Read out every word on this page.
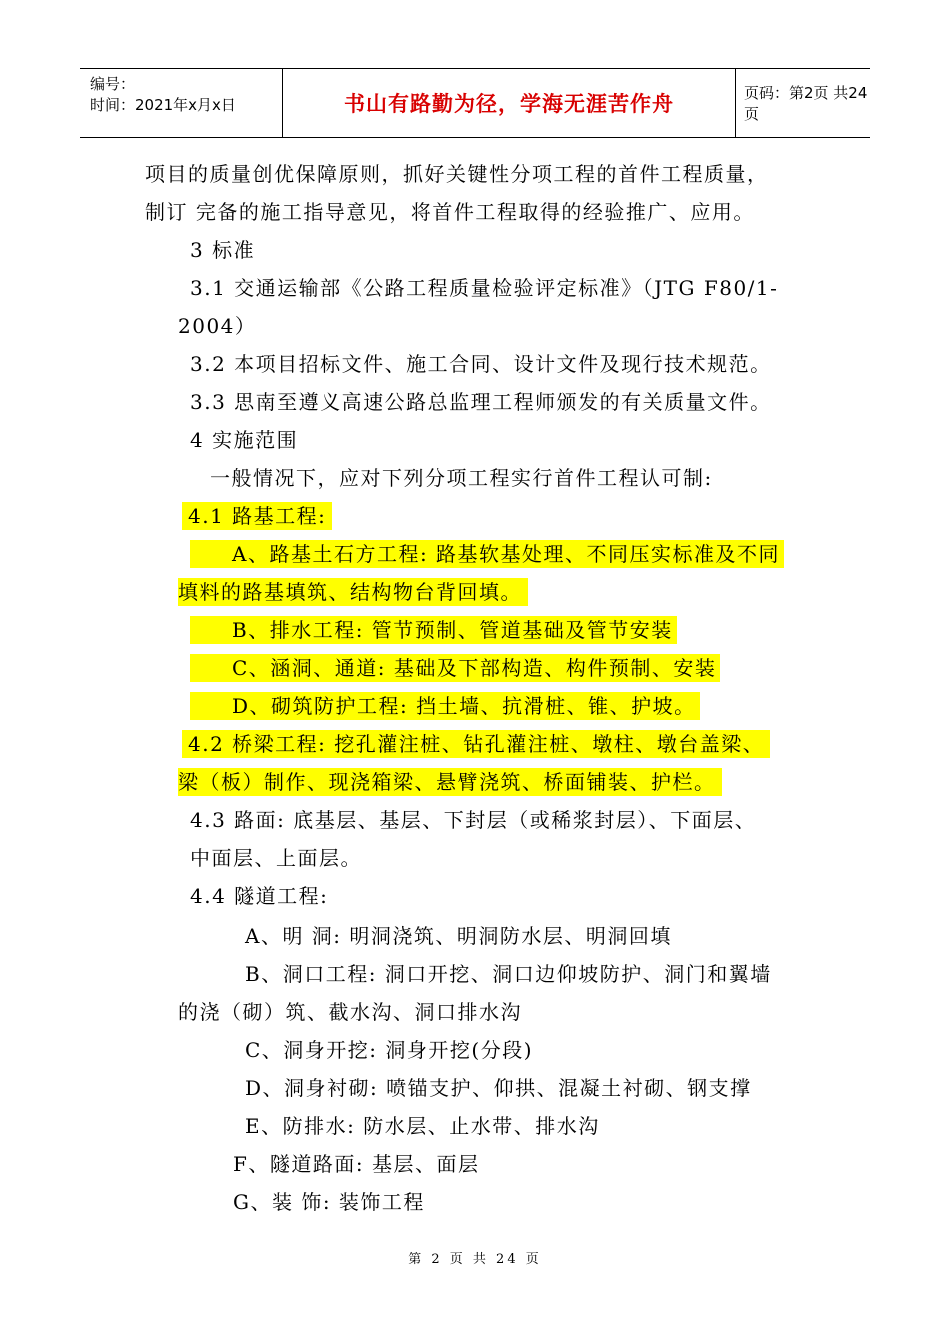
编号：
时间：2021年x月x日	书山有路勤为径，学海无涯苦作舟	页码：第2页 共24页
项目的质量创优保障原则，抓好关键性分项工程的首件工程质量，
制订 完备的施工指导意见，将首件工程取得的经验推广、应用。
3 标准
3.1 交通运输部《公路工程质量检验评定标准》（JTG F80/1-
2004）
3.2 本项目招标文件、施工合同、设计文件及现行技术规范。
3.3 思南至遵义高速公路总监理工程师颁发的有关质量文件。
4 实施范围
一般情况下，应对下列分项工程实行首件工程认可制:
4.1 路基工程:
A、路基土石方工程: 路基软基处理、不同压实标准及不同
填料的路基填筑、结构物台背回填。
B、排水工程: 管节预制、管道基础及管节安装
C、涵洞、通道: 基础及下部构造、构件预制、安装
D、砌筑防护工程: 挡土墙、抗滑桩、锥、护坡。
4.2 桥梁工程: 挖孔灌注桩、钻孔灌注桩、墩柱、墩台盖梁、
梁（板）制作、现浇箱梁、悬臂浇筑、桥面铺装、护栏。
4.3 路面: 底基层、基层、下封层（或稀浆封层）、下面层、
中面层、上面层。
4.4 隧道工程:
A、明 洞: 明洞浇筑、明洞防水层、明洞回填
B、洞口工程: 洞口开挖、洞口边仰坡防护、洞门和翼墙
的浇（砌）筑、截水沟、洞口排水沟
C、洞身开挖: 洞身开挖(分段)
D、洞身衬砌: 喷锚支护、仰拱、混凝土衬砌、钢支撑
E、防排水: 防水层、止水带、排水沟
F、隧道路面: 基层、面层
G、装 饰: 装饰工程
第 2 页 共 24 页
